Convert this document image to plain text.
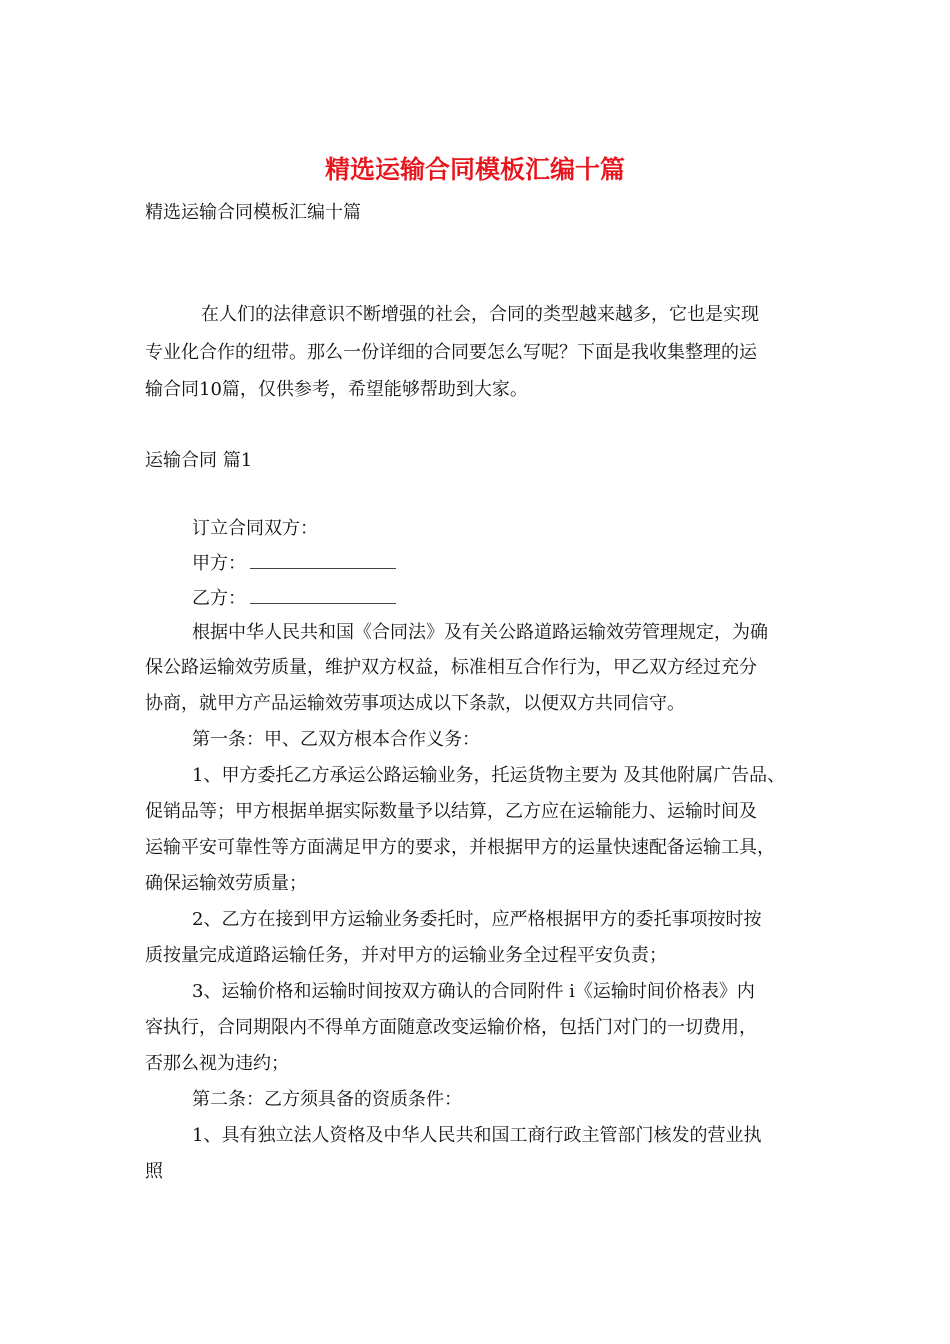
精选运输合同模板汇编十篇
精选运输合同模板汇编十篇
在人们的法律意识不断增强的社会，合同的类型越来越多，它也是实现
专业化合作的纽带。那么一份详细的合同要怎么写呢？下面是我收集整理的运
输合同10篇，仅供参考，希望能够帮助到大家。
运输合同 篇1
订立合同双方：
甲方：
乙方：
根据中华人民共和国《合同法》及有关公路道路运输效劳管理规定，为确
保公路运输效劳质量，维护双方权益，标准相互合作行为，甲乙双方经过充分
协商，就甲方产品运输效劳事项达成以下条款，以便双方共同信守。
第一条：甲、乙双方根本合作义务：
1、甲方委托乙方承运公路运输业务，托运货物主要为 及其他附属广告品、
促销品等；甲方根据单据实际数量予以结算，乙方应在运输能力、运输时间及
运输平安可靠性等方面满足甲方的要求，并根据甲方的运量快速配备运输工具，
确保运输效劳质量；
2、乙方在接到甲方运输业务委托时，应严格根据甲方的委托事项按时按
质按量完成道路运输任务，并对甲方的运输业务全过程平安负责；
3、运输价格和运输时间按双方确认的合同附件 i《运输时间价格表》内
容执行，合同期限内不得单方面随意改变运输价格，包括门对门的一切费用，
否那么视为违约；
第二条：乙方须具备的资质条件：
1、具有独立法人资格及中华人民共和国工商行政主管部门核发的营业执
照
